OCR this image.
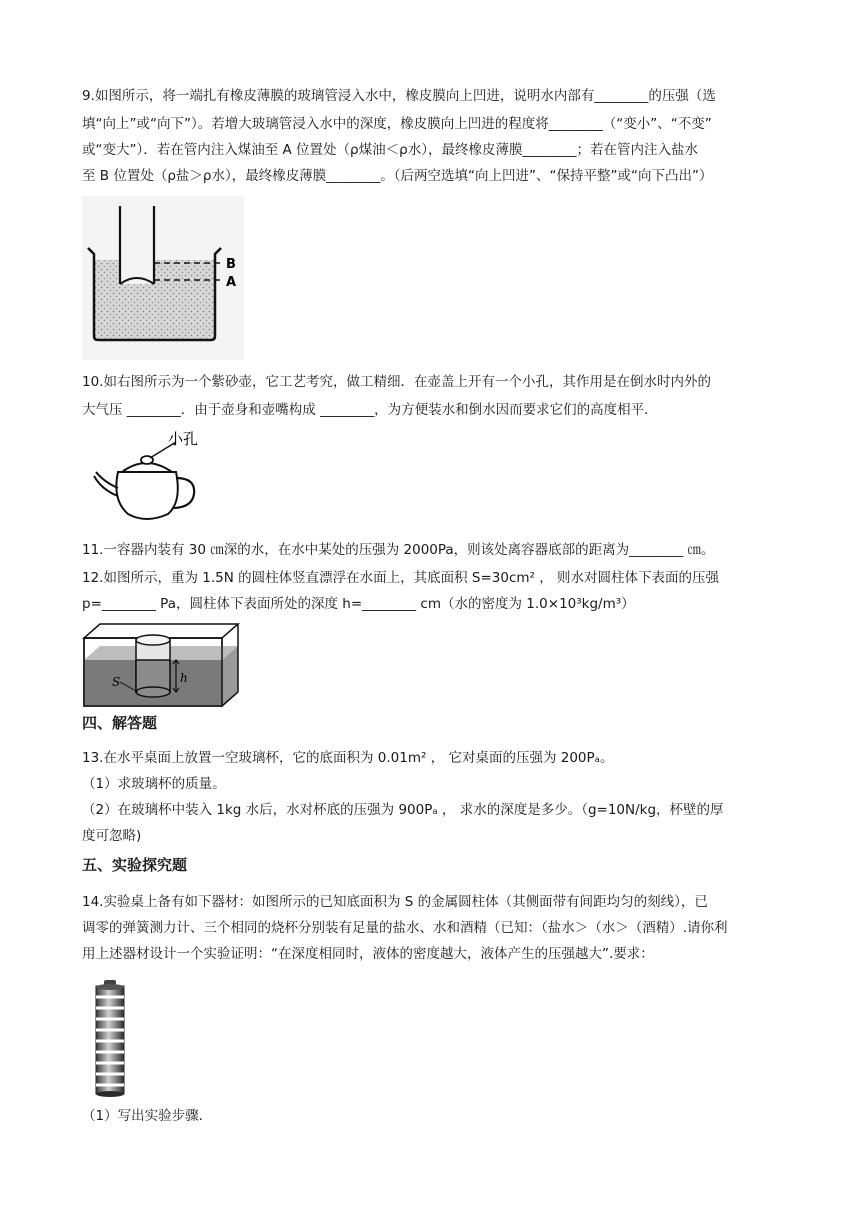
9.如图所示，将一端扎有橡皮薄膜的玻璃管浸入水中，橡皮膜向上凹进，说明水内部有________的压强（选
填“向上”或“向下”）。若增大玻璃管浸入水中的深度，橡皮膜向上凹进的程度将________（“变小”、“不变”
或“变大”）．若在管内注入煤油至 A 位置处（ρ煤油＜ρ水），最终橡皮薄膜________；若在管内注入盐水
至 B 位置处（ρ盐＞ρ水），最终橡皮薄膜________。（后两空选填“向上凹进”、“保持平整”或“向下凸出”）
B
A
10.如右图所示为一个紫砂壶，它工艺考究，做工精细．在壶盖上开有一个小孔，其作用是在倒水时内外的
大气压 ________．由于壶身和壶嘴构成 ________，为方便装水和倒水因而要求它们的高度相平．
小孔
11.一容器内装有 30 ㎝深的水，在水中某处的压强为 2000Pa，则该处离容器底部的距离为________ ㎝。
12.如图所示，重为 1.5N 的圆柱体竖直漂浮在水面上，其底面积 S=30cm² ， 则水对圆柱体下表面的压强
p=________ Pa，圆柱体下表面所处的深度 h=________ cm（水的密度为 1.0×10³kg/m³）
h
S
四、解答题
13.在水平桌面上放置一空玻璃杯，它的底面积为 0.01m² ， 它对桌面的压强为 200Pₐ。
（1）求玻璃杯的质量。
（2）在玻璃杯中装入 1kg 水后，水对杯底的压强为 900Pₐ ， 求水的深度是多少。（g=10N/kg，杯壁的厚
度可忽略)
五、实验探究题
14.实验桌上备有如下器材：如图所示的已知底面积为 S 的金属圆柱体（其侧面带有间距均匀的刻线），已
调零的弹簧测力计、三个相同的烧杯分别装有足量的盐水、水和酒精（已知：（盐水＞（水＞（酒精）.请你利
用上述器材设计一个实验证明：“在深度相同时，液体的密度越大，液体产生的压强越大”.要求：
（1）写出实验步骤.
